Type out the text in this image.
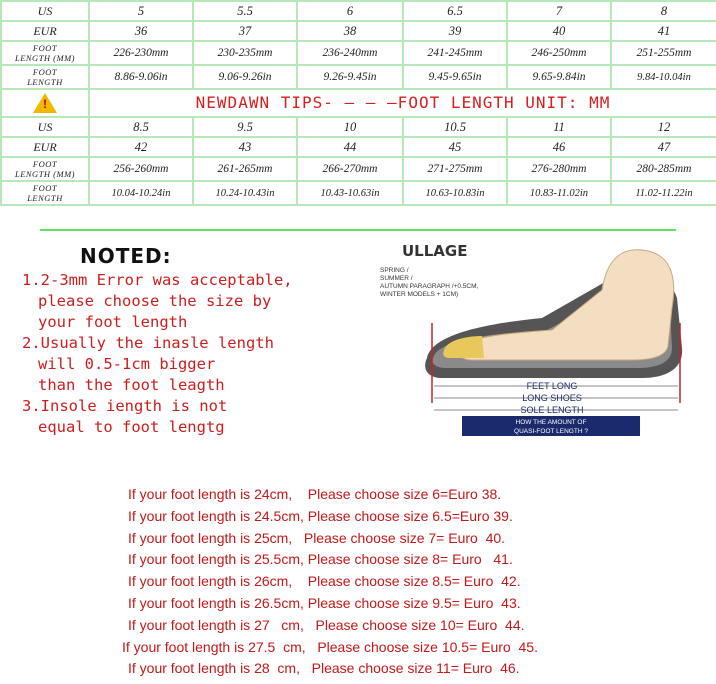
US	5	5.5	6	6.5	7	8
EUR	36	37	38	39	40	41

FOOT
LENGTH (MM)	226-230mm	230-235mm	236-240mm	241-245mm	246-250mm	251-255mm

FOOT
LENGTH	8.86-9.06in	9.06-9.26in	9.26-9.45in	9.45-9.65in	9.65-9.84in	9.84-10.04in

!	NEWDAWN TIPS- — — —FOOT LENGTH UNIT: MM					
US	8.5	9.5	10	10.5	11	12
EUR	42	43	44	45	46	47

FOOT
LENGTH (MM)	256-260mm	261-265mm	266-270mm	271-275mm	276-280mm	280-285mm

FOOT
LENGTH	10.04-10.24in	10.24-10.43in	10.43-10.63in	10.63-10.83in	10.83-11.02in	11.02-11.22in
NOTED:
1.2-3mm Error was acceptable,
please choose the size by
your foot length
2.Usually the inasle length
will 0.5-1cm bigger
than the foot leagth
3.Insole iength is not
equal to foot lengtg
ULLAGE
SPRING /
SUMMER /
AUTUMN PARAGRAPH /+0.5CM,
WINTER MODELS + 1CM)
FEET LONG
LONG SHOES
SOLE LENGTH
HOW THE AMOUNT OF
QUASI-FOOT LENGTH ?
If your foot length is 24cm,    Please choose size 6=Euro 38.
If your foot length is 24.5cm, Please choose size 6.5=Euro 39.
If your foot length is 25cm,   Please choose size 7= Euro  40.
If your foot length is 25.5cm, Please choose size 8= Euro   41.
If your foot length is 26cm,    Please choose size 8.5= Euro  42.
If your foot length is 26.5cm, Please choose size 9.5= Euro  43.
If your foot length is 27   cm,   Please choose size 10= Euro  44.
If your foot length is 27.5  cm,   Please choose size 10.5= Euro  45.
If your foot length is 28  cm,   Please choose size 11= Euro  46.
